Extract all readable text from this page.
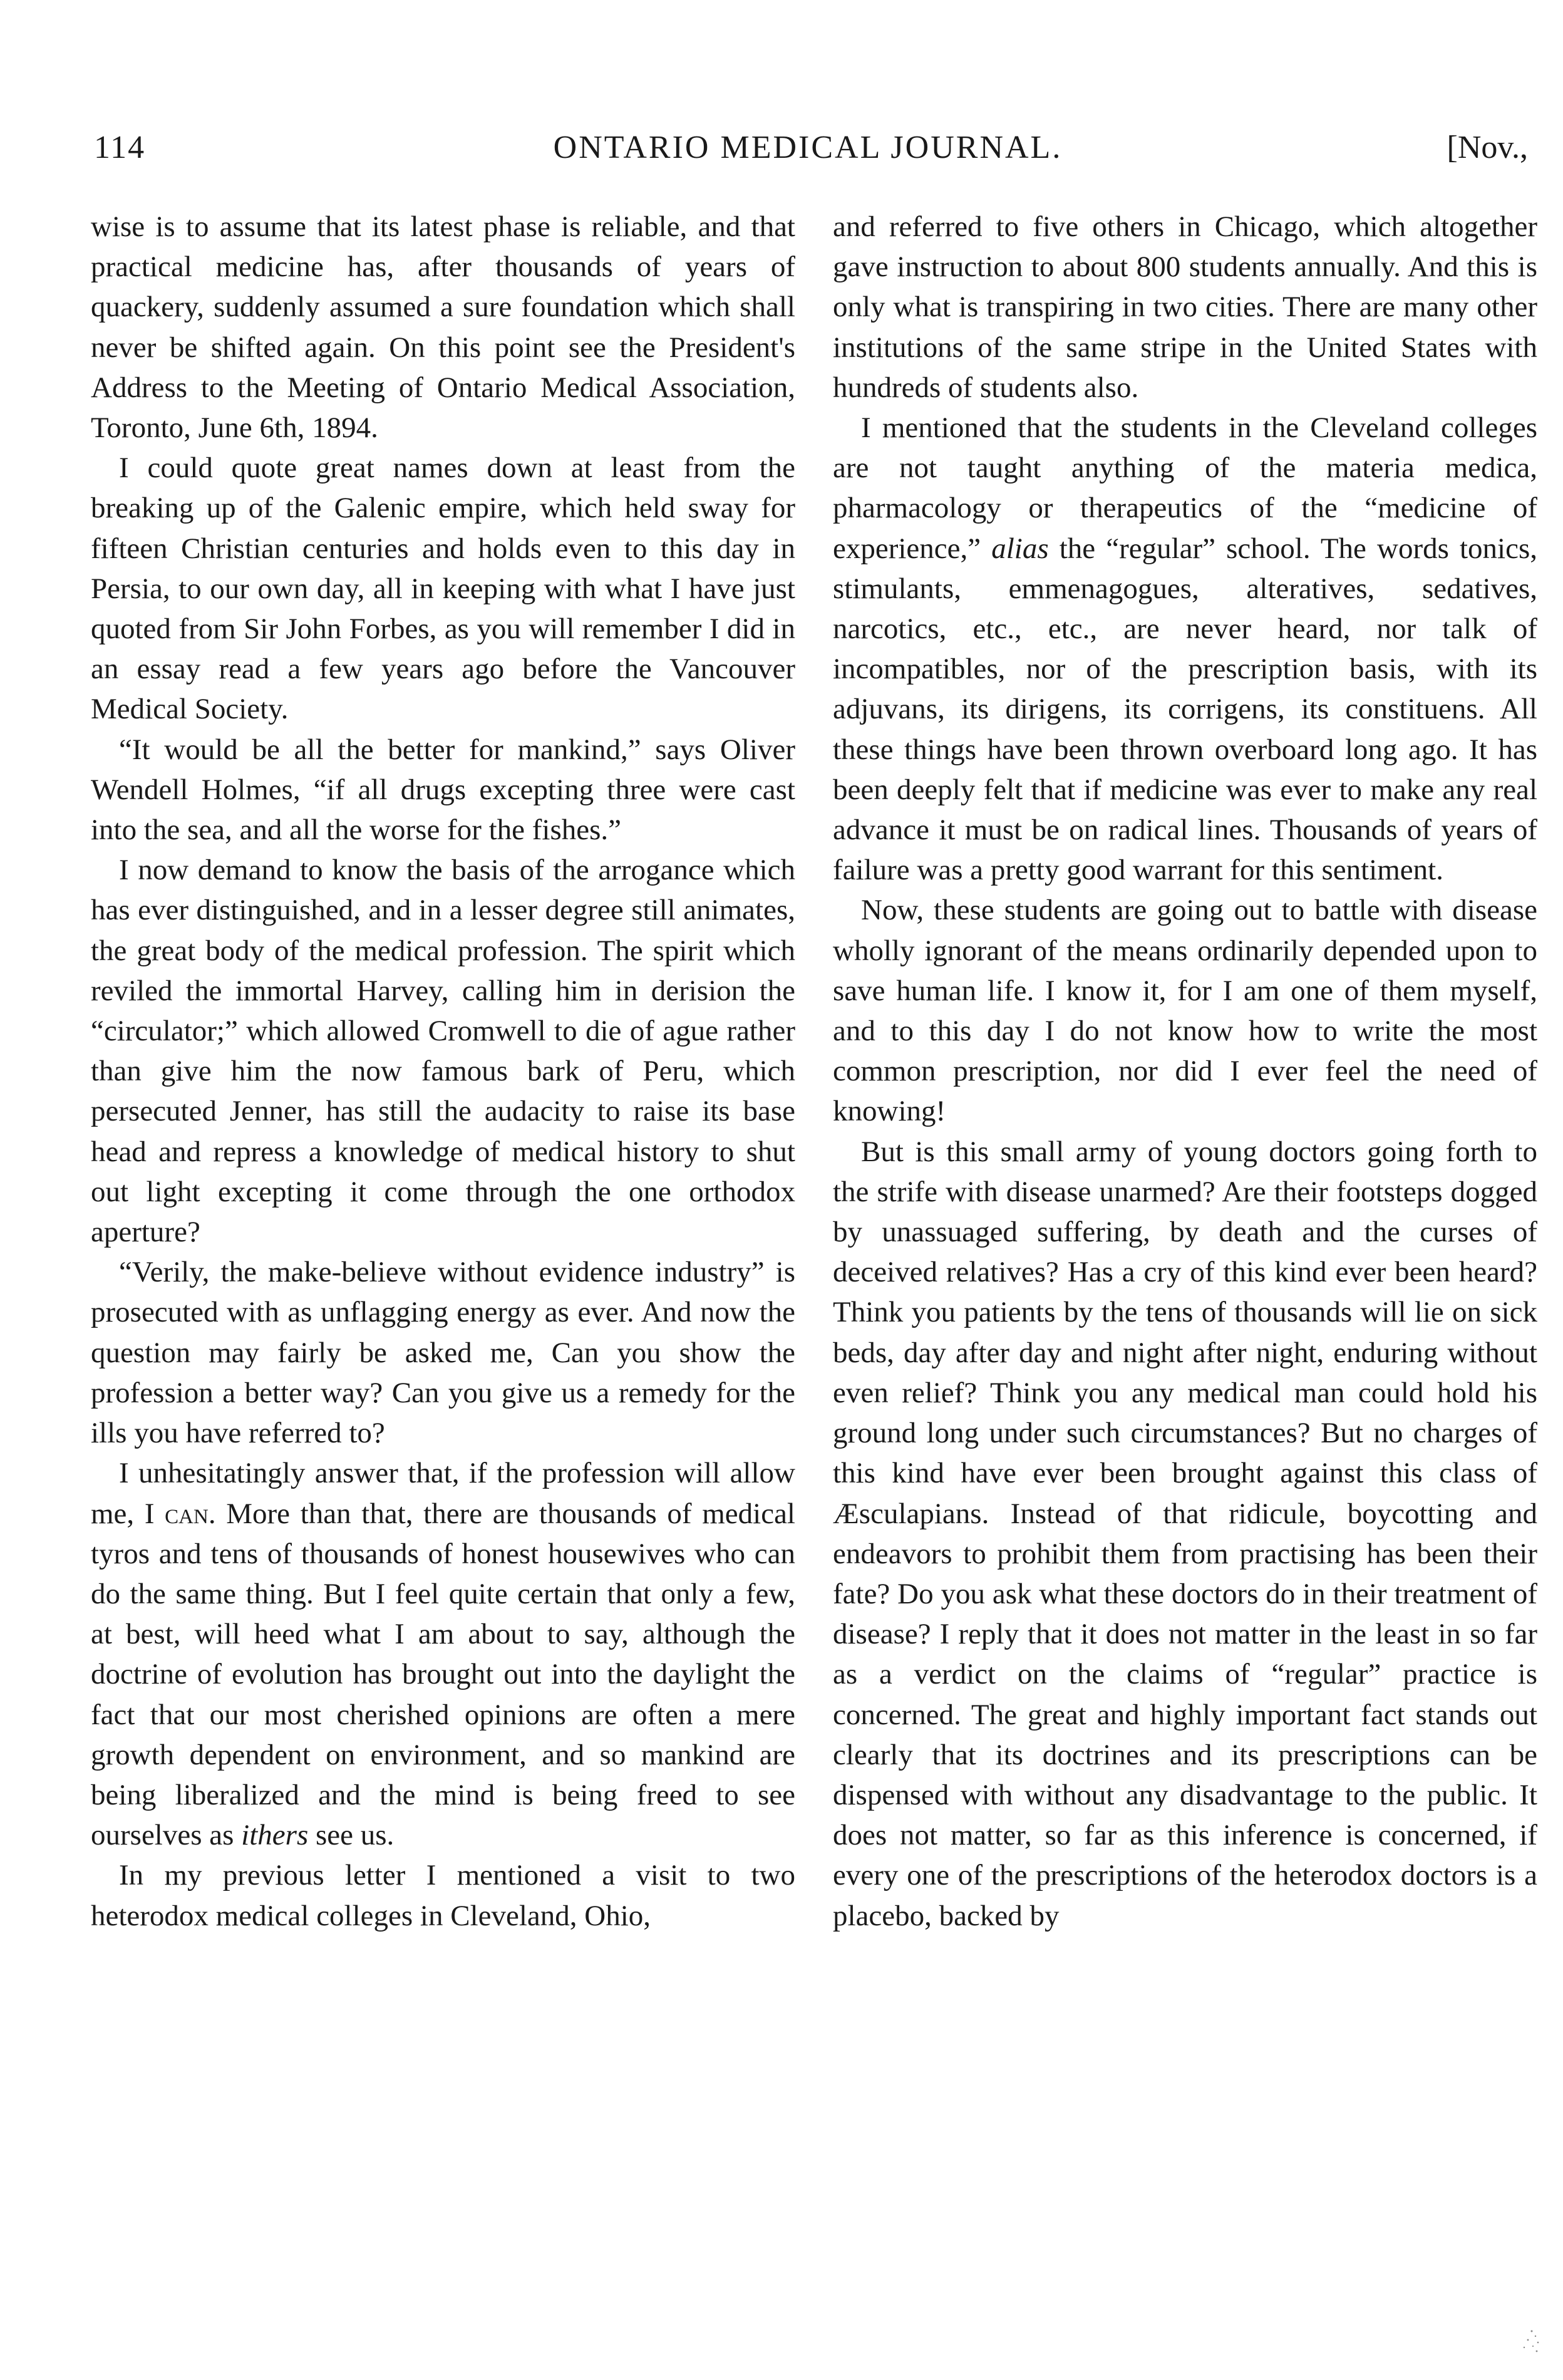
114	ONTARIO MEDICAL JOURNAL.	[Nov.,

wise is to assume that its latest phase is reliable, and that practical medicine has, after thousands of years of quackery, suddenly assumed a sure foundation which shall never be shifted again. On this point see the President's Address to the Meeting of Ontario Medical Association, Toronto, June 6th, 1894.

I could quote great names down at least from the breaking up of the Galenic empire, which held sway for fifteen Christian centuries and holds even to this day in Persia, to our own day, all in keeping with what I have just quoted from Sir John Forbes, as you will remember I did in an essay read a few years ago before the Vancouver Medical Society.

“It would be all the better for mankind,” says Oliver Wendell Holmes, “if all drugs excepting three were cast into the sea, and all the worse for the fishes.”

I now demand to know the basis of the arrogance which has ever distinguished, and in a lesser degree still animates, the great body of the medical profession. The spirit which reviled the immortal Harvey, calling him in derision the “circulator;” which allowed Cromwell to die of ague rather than give him the now famous bark of Peru, which persecuted Jenner, has still the audacity to raise its base head and repress a knowledge of medical history to shut out light excepting it come through the one orthodox aperture?

“Verily, the make-believe without evidence industry” is prosecuted with as unflagging energy as ever. And now the question may fairly be asked me, Can you show the profession a better way? Can you give us a remedy for the ills you have referred to?

I unhesitatingly answer that, if the profession will allow me, I can. More than that, there are thousands of medical tyros and tens of thousands of honest housewives who can do the same thing. But I feel quite certain that only a few, at best, will heed what I am about to say, although the doctrine of evolution has brought out into the daylight the fact that our most cherished opinions are often a mere growth dependent on environment, and so mankind are being liberalized and the mind is being freed to see ourselves as ithers see us.

In my previous letter I mentioned a visit to two heterodox medical colleges in Cleveland, Ohio,

and referred to five others in Chicago, which altogether gave instruction to about 800 students annually. And this is only what is transpiring in two cities. There are many other institutions of the same stripe in the United States with hundreds of students also.

I mentioned that the students in the Cleveland colleges are not taught anything of the materia medica, pharmacology or therapeutics of the “medicine of experience,” alias the “regular” school. The words tonics, stimulants, emmenagogues, alteratives, sedatives, narcotics, etc., etc., are never heard, nor talk of incompatibles, nor of the prescription basis, with its adjuvans, its dirigens, its corrigens, its constituens. All these things have been thrown overboard long ago. It has been deeply felt that if medicine was ever to make any real advance it must be on radical lines. Thousands of years of failure was a pretty good warrant for this sentiment.

Now, these students are going out to battle with disease wholly ignorant of the means ordinarily depended upon to save human life. I know it, for I am one of them myself, and to this day I do not know how to write the most common prescription, nor did I ever feel the need of knowing!

But is this small army of young doctors going forth to the strife with disease unarmed? Are their footsteps dogged by unassuaged suffering, by death and the curses of deceived relatives? Has a cry of this kind ever been heard? Think you patients by the tens of thousands will lie on sick beds, day after day and night after night, enduring without even relief? Think you any medical man could hold his ground long under such circumstances? But no charges of this kind have ever been brought against this class of Æsculapians. Instead of that ridicule, boycotting and endeavors to prohibit them from practising has been their fate? Do you ask what these doctors do in their treatment of disease? I reply that it does not matter in the least in so far as a verdict on the claims of “regular” practice is concerned. The great and highly important fact stands out clearly that its doctrines and its prescriptions can be dispensed with without any disadvantage to the public. It does not matter, so far as this inference is concerned, if every one of the prescriptions of the heterodox doctors is a placebo, backed by
